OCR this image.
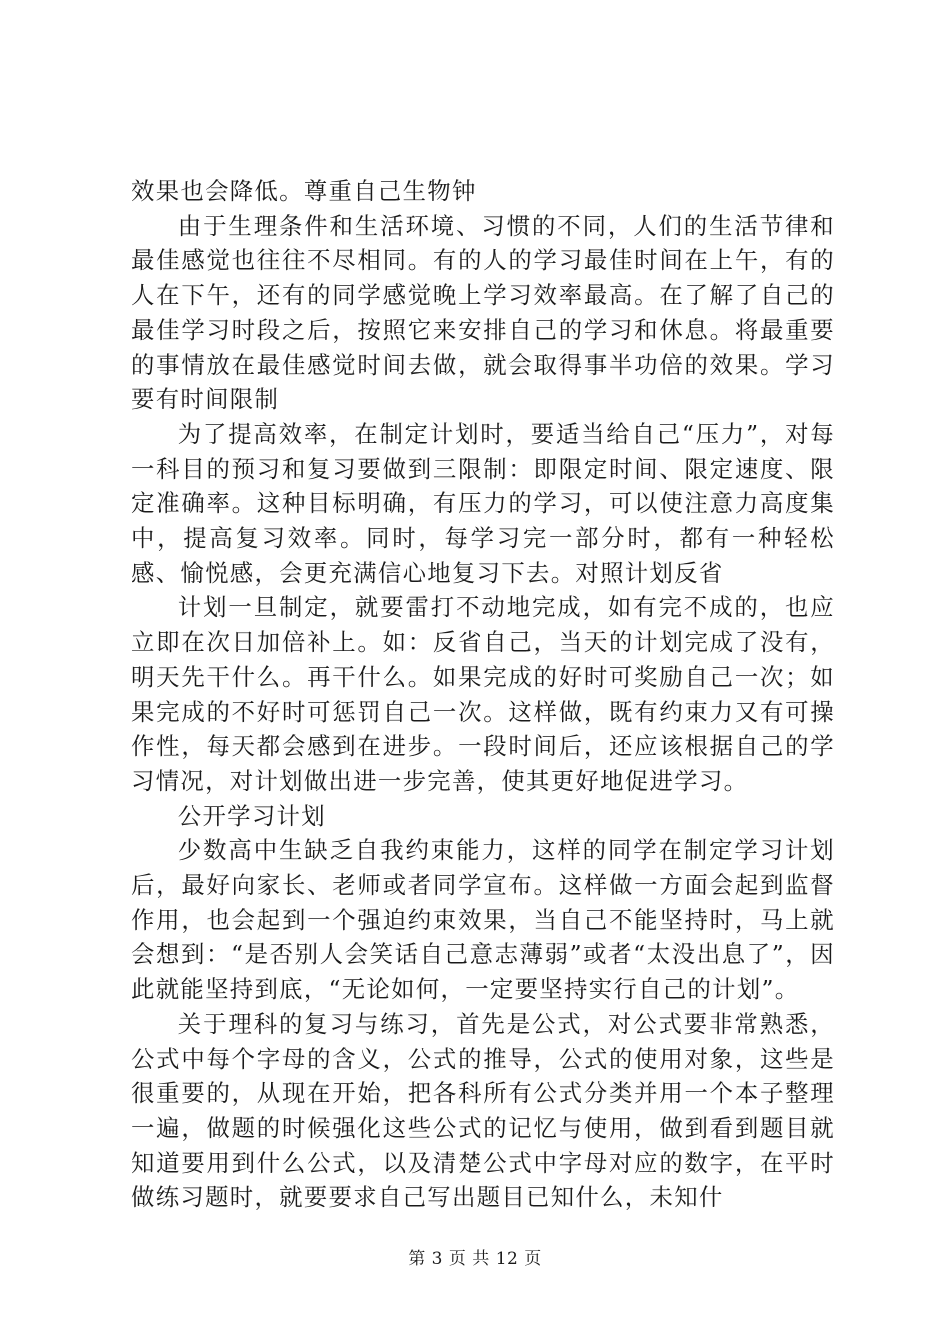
效果也会降低。尊重自己生物钟

由于生理条件和生活环境、习惯的不同，人们的生活节律和最佳感觉也往往不尽相同。有的人的学习最佳时间在上午，有的人在下午，还有的同学感觉晚上学习效率最高。在了解了自己的最佳学习时段之后，按照它来安排自己的学习和休息。将最重要的事情放在最佳感觉时间去做，就会取得事半功倍的效果。学习要有时间限制

为了提高效率，在制定计划时，要适当给自己“压力”，对每一科目的预习和复习要做到三限制：即限定时间、限定速度、限定准确率。这种目标明确，有压力的学习，可以使注意力高度集中，提高复习效率。同时，每学习完一部分时，都有一种轻松感、愉悦感，会更充满信心地复习下去。对照计划反省

计划一旦制定，就要雷打不动地完成，如有完不成的，也应立即在次日加倍补上。如：反省自己，当天的计划完成了没有，明天先干什么。再干什么。如果完成的好时可奖励自己一次；如果完成的不好时可惩罚自己一次。这样做，既有约束力又有可操作性，每天都会感到在进步。一段时间后，还应该根据自己的学习情况，对计划做出进一步完善，使其更好地促进学习。

公开学习计划

少数高中生缺乏自我约束能力，这样的同学在制定学习计划后，最好向家长、老师或者同学宣布。这样做一方面会起到监督作用，也会起到一个强迫约束效果，当自己不能坚持时，马上就会想到：“是否别人会笑话自己意志薄弱”或者“太没出息了”，因此就能坚持到底，“无论如何，一定要坚持实行自己的计划”。

关于理科的复习与练习，首先是公式，对公式要非常熟悉，公式中每个字母的含义，公式的推导，公式的使用对象，这些是很重要的，从现在开始，把各科所有公式分类并用一个本子整理一遍，做题的时候强化这些公式的记忆与使用，做到看到题目就知道要用到什么公式，以及清楚公式中字母对应的数字，在平时做练习题时，就要要求自己写出题目已知什么，未知什

第 3 页 共 12 页
